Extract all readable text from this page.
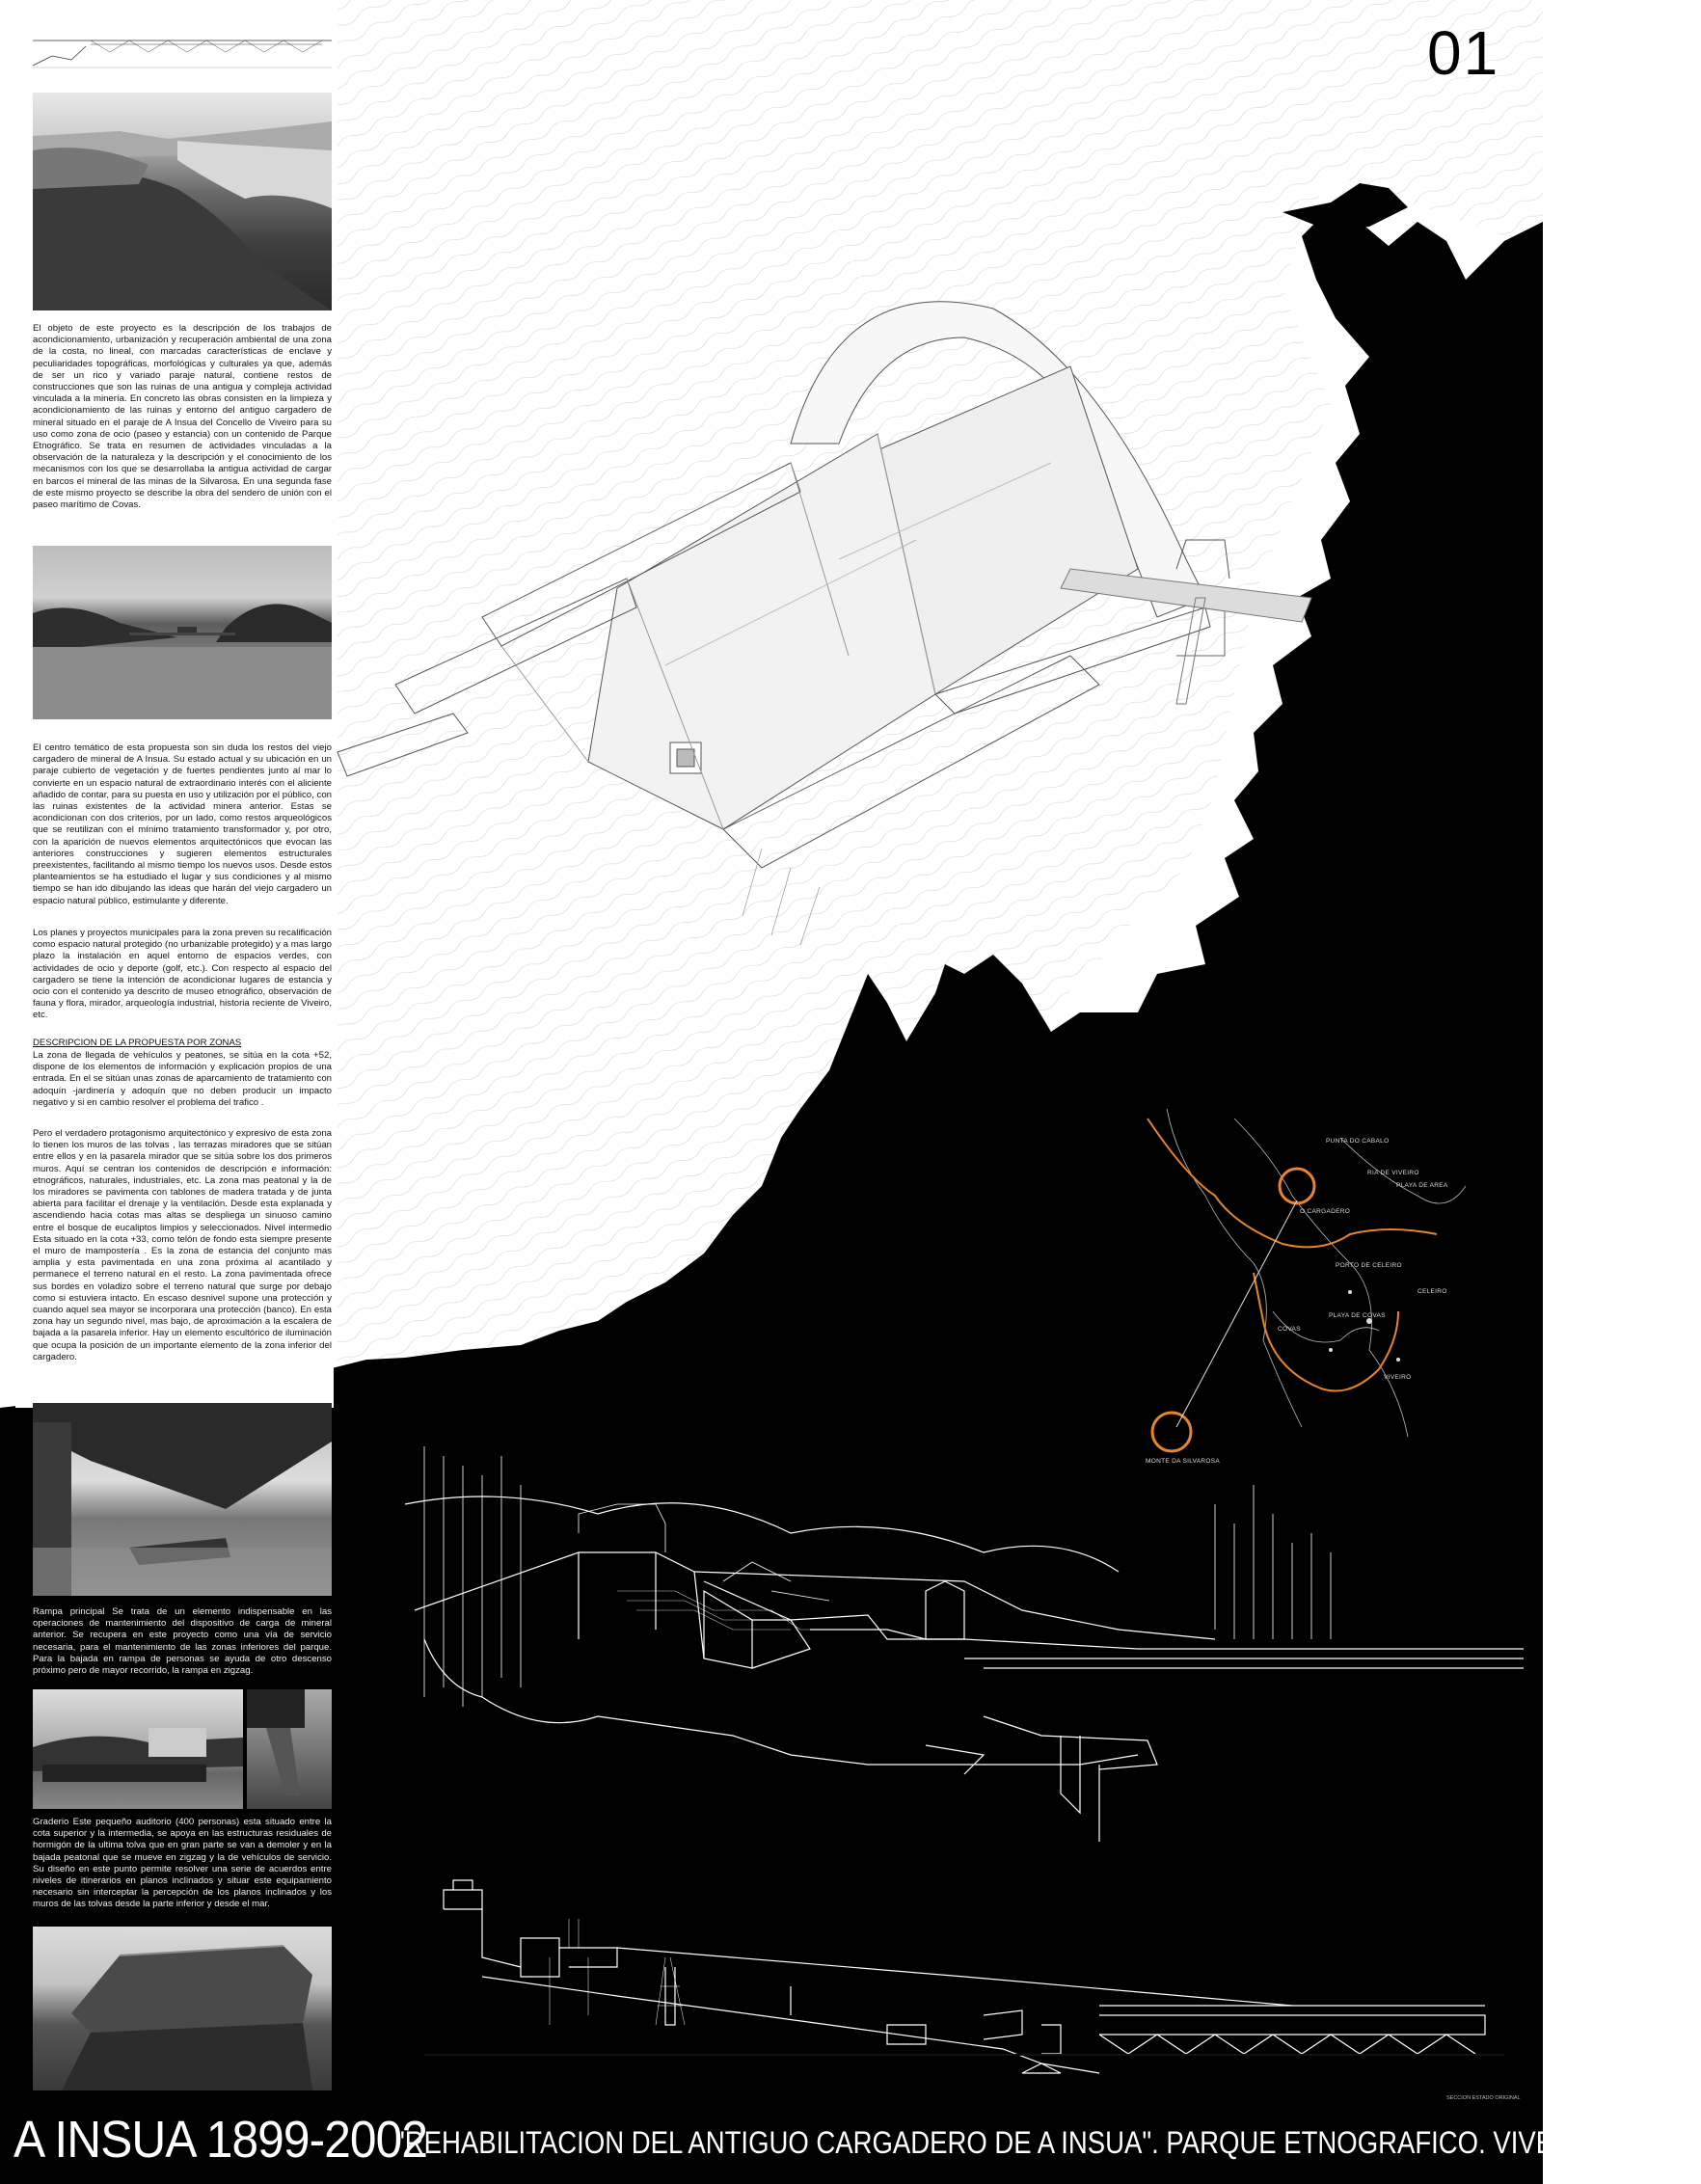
01
El objeto de este proyecto es la descripción de los trabajos de acondicionamiento, urbanización y recuperación ambiental de una zona de la costa, no lineal, con marcadas características de enclave y peculiaridades topográficas, morfológicas y culturales ya que, además de ser un rico y variado paraje natural, contiene restos de construcciones que son las ruinas de una antigua y compleja actividad vinculada a la minería. En concreto las obras consisten en la limpieza y acondicionamiento de las ruinas y entorno del antiguo cargadero de mineral situado en el paraje de A Insua del Concello de Viveiro para su uso como zona de ocio (paseo y estancia) con un contenido de Parque Etnográfico. Se trata en resumen de actividades vinculadas a la observación de la naturaleza y la descripción y el conocimiento de los mecanismos con los que se desarrollaba la antigua actividad de cargar en barcos el mineral de las minas de la Silvarosa. En una segunda fase de este mismo proyecto se describe la obra del sendero de unión con el paseo marítimo de Covas.
El centro temático de esta propuesta son sin duda los restos del viejo cargadero de mineral de A Insua. Su estado actual y su ubicación en un paraje cubierto de vegetación y de fuertes pendientes junto al mar lo convierte en un espacio natural de extraordinario interés con el aliciente añadido de contar, para su puesta en uso y utilización por el público, con las ruinas existentes de la actividad minera anterior. Estas se acondicionan con dos criterios, por un lado, como restos arqueológicos que se reutilizan con el mínimo tratamiento transformador y, por otro, con la aparición de nuevos elementos arquitectónicos que evocan las anteriores construcciones y sugieren elementos estructurales preexistentes, facilitando al mismo tiempo los nuevos usos. Desde estos planteamientos se ha estudiado el lugar y sus condiciones y al mismo tiempo se han ido dibujando las ideas que harán del viejo cargadero un espacio natural público, estimulante y diferente.
Los planes y proyectos municipales para la zona preven su recalificación como espacio natural protegido (no urbanizable protegido) y a mas largo plazo la instalación en aquel entorno de espacios verdes, con actividades de ocio y deporte (golf, etc.). Con respecto al espacio del cargadero se tiene la intención de acondicionar lugares de estancia y ocio con el contenido ya descrito de museo etnográfico, observación de fauna y flora, mirador, arqueología industrial, historia reciente de Viveiro, etc.
DESCRIPCION DE LA PROPUESTA POR ZONAS
La zona de llegada de vehículos y peatones, se sitúa en la cota +52, dispone de los elementos de información y explicación propios de una entrada. En el se sitúan unas zonas de aparcamiento de tratamiento con adoquín -jardinería y adoquín que no deben producir un impacto negativo y si en cambio resolver el problema del trafico .
Pero el verdadero protagonismo arquitectónico y expresivo de esta zona lo tienen los muros de las tolvas , las terrazas miradores que se sitúan entre ellos y en la pasarela mirador que se sitúa sobre los dos primeros muros. Aquí se centran los contenidos de descripción e información: etnográficos, naturales, industriales, etc. La zona mas peatonal y la de los miradores se pavimenta con tablones de madera tratada y de junta abierta para facilitar el drenaje y la ventilación. Desde esta explanada y ascendiendo hacia cotas mas altas se despliega un sinuoso camino entre el bosque de eucaliptos limpios y seleccionados. Nivel intermedio Esta situado en la cota +33, como telón de fondo esta siempre presente el muro de mampostería . Es la zona de estancia del conjunto mas amplia y esta pavimentada en una zona próxima al acantilado y permanece el terreno natural en el resto. La zona pavimentada ofrece sus bordes en voladizo sobre el terreno natural que surge por debajo como si estuviera intacto. En escaso desnivel supone una protección y cuando aquel sea mayor se incorporara una protección (banco). En esta zona hay un segundo nivel, mas bajo, de aproximación a la escalera de bajada a la pasarela inferior. Hay un elemento escultórico de iluminación que ocupa la posición de un importante elemento de la zona inferior del cargadero.
Rampa principal Se trata de un elemento indispensable en las operaciones de mantenimiento del dispositivo de carga de mineral anterior. Se recupera en este proyecto como una vía de servicio necesaria, para el mantenimiento de las zonas inferiores del parque. Para la bajada en rampa de personas se ayuda de otro descenso próximo pero de mayor recorrido, la rampa en zigzag.
Graderio Este pequeño auditorio (400 personas) esta situado entre la cota superior y la intermedia, se apoya en las estructuras residuales de hormigón de la ultima tolva que en gran parte se van a demoler y en la bajada peatonal que se mueve en zigzag y la de vehículos de servicio. Su diseño en este punto permite resolver una serie de acuerdos entre niveles de itinerarios en planos inclinados y situar este equipamiento necesario sin interceptar la percepción de los planos inclinados y los muros de las tolvas desde la parte inferior y desde el mar.
PUNTA DO CABALO
RIA DE VIVEIRO
PLAYA DE AREA
O CARGADERO
PORTO DE CELEIRO
CELEIRO
PLAYA DE COVAS
COVAS
VIVEIRO
MONTE DA SILVAROSA
SECCION ESTADO ORIGINAL
A INSUA 1899-2002
"REHABILITACION DEL ANTIGUO CARGADERO DE A INSUA". PARQUE ETNOGRAFICO. VIVEIRO (LUGO)
